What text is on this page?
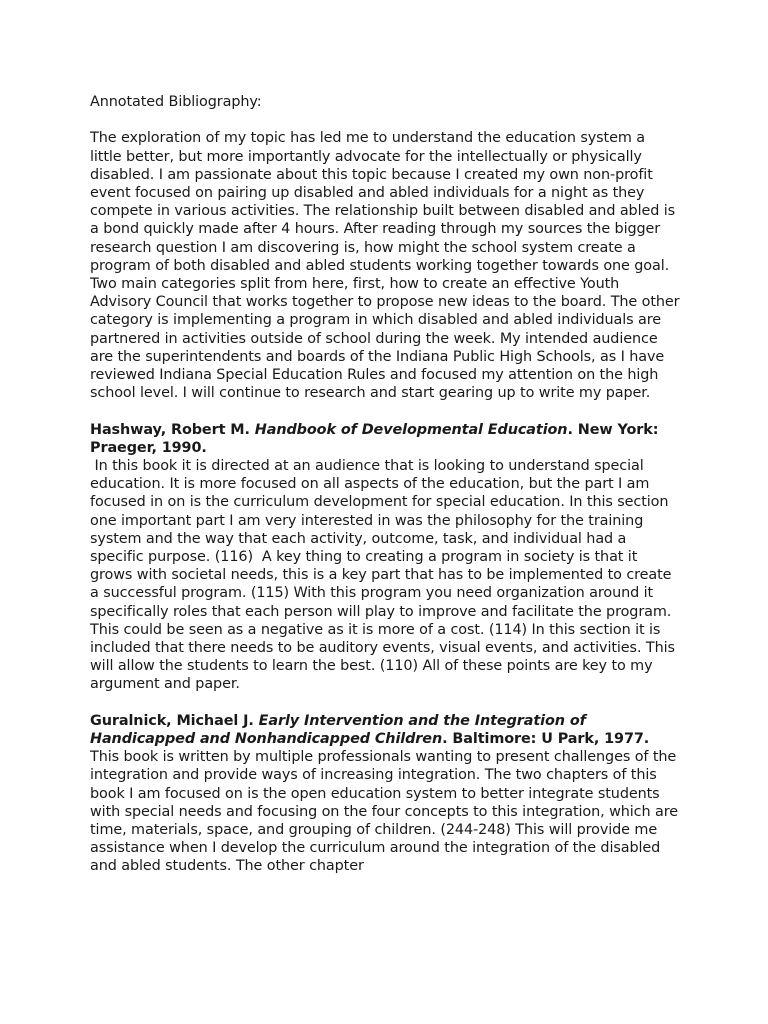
Annotated Bibliography:

The exploration of my topic has led me to understand the education system a little better, but more importantly advocate for the intellectually or physically disabled. I am passionate about this topic because I created my own non-profit event focused on pairing up disabled and abled individuals for a night as they compete in various activities. The relationship built between disabled and abled is a bond quickly made after 4 hours. After reading through my sources the bigger research question I am discovering is, how might the school system create a program of both disabled and abled students working together towards one goal. Two main categories split from here, first, how to create an effective Youth Advisory Council that works together to propose new ideas to the board. The other category is implementing a program in which disabled and abled individuals are partnered in activities outside of school during the week. My intended audience are the superintendents and boards of the Indiana Public High Schools, as I have reviewed Indiana Special Education Rules and focused my attention on the high school level. I will continue to research and start gearing up to write my paper.

Hashway, Robert M. Handbook of Developmental Education. New York: Praeger, 1990.
In this book it is directed at an audience that is looking to understand special education. It is more focused on all aspects of the education, but the part I am focused in on is the curriculum development for special education. In this section one important part I am very interested in was the philosophy for the training system and the way that each activity, outcome, task, and individual had a specific purpose. (116)  A key thing to creating a program in society is that it grows with societal needs, this is a key part that has to be implemented to create a successful program. (115) With this program you need organization around it specifically roles that each person will play to improve and facilitate the program. This could be seen as a negative as it is more of a cost. (114) In this section it is included that there needs to be auditory events, visual events, and activities. This will allow the students to learn the best. (110) All of these points are key to my argument and paper.
Guralnick, Michael J. Early Intervention and the Integration of Handicapped and Nonhandicapped Children. Baltimore: U Park, 1977.
This book is written by multiple professionals wanting to present challenges of the integration and provide ways of increasing integration. The two chapters of this book I am focused on is the open education system to better integrate students with special needs and focusing on the four concepts to this integration, which are time, materials, space, and grouping of children. (244-248) This will provide me assistance when I develop the curriculum around the integration of the disabled and abled students. The other chapter
